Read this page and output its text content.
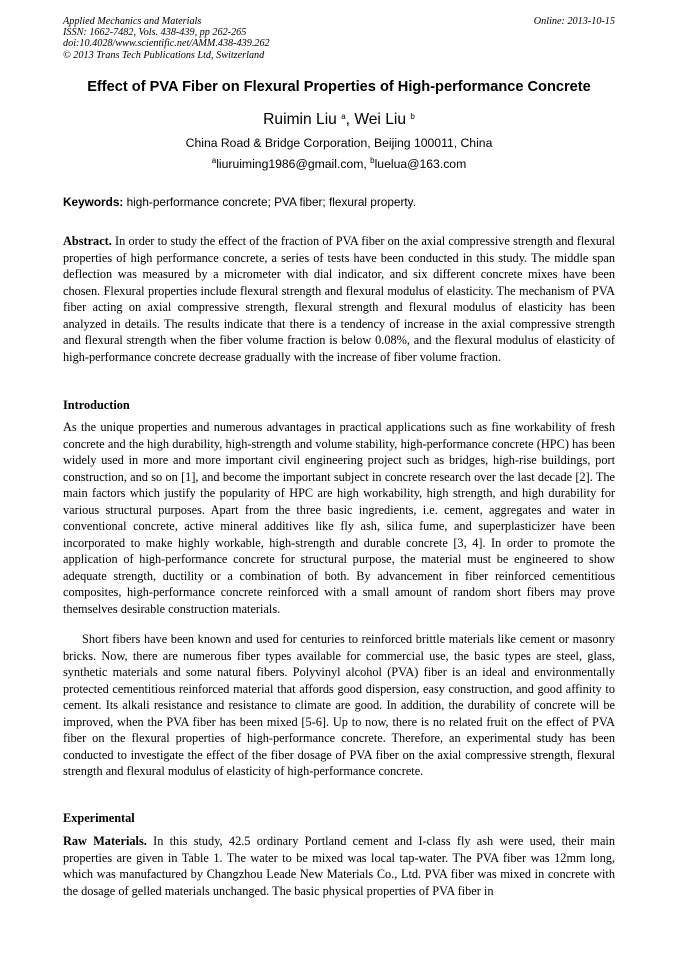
Applied Mechanics and Materials
ISSN: 1662-7482, Vols. 438-439, pp 262-265
doi:10.4028/www.scientific.net/AMM.438-439.262
© 2013 Trans Tech Publications Ltd, Switzerland
Online: 2013-10-15
Effect of PVA Fiber on Flexural Properties of High-performance Concrete
Ruimin Liu $^a$, Wei Liu $^b$
China Road & Bridge Corporation, Beijing 100011, China
$^a$liuruiming1986@gmail.com, $^b$luelua@163.com
Keywords: high-performance concrete; PVA fiber; flexural property.

Abstract. In order to study the effect of the fraction of PVA fiber on the axial compressive strength and flexural properties of high performance concrete, a series of tests have been conducted in this study. The middle span deflection was measured by a micrometer with dial indicator, and six different concrete mixes have been chosen. Flexural properties include flexural strength and flexural modulus of elasticity. The mechanism of PVA fiber acting on axial compressive strength, flexural strength and flexural modulus of elasticity has been analyzed in details. The results indicate that there is a tendency of increase in the axial compressive strength and flexural strength when the fiber volume fraction is below 0.08%, and the flexural modulus of elasticity of high-performance concrete decrease gradually with the increase of fiber volume fraction.

Introduction

As the unique properties and numerous advantages in practical applications such as fine workability of fresh concrete and the high durability, high-strength and volume stability, high-performance concrete (HPC) has been widely used in more and more important civil engineering project such as bridges, high-rise buildings, port construction, and so on [1], and become the important subject in concrete research over the last decade [2]. The main factors which justify the popularity of HPC are high workability, high strength, and high durability for various structural purposes. Apart from the three basic ingredients, i.e. cement, aggregates and water in conventional concrete, active mineral additives like fly ash, silica fume, and superplasticizer have been incorporated to make highly workable, high-strength and durable concrete [3, 4]. In order to promote the application of high-performance concrete for structural purpose, the material must be engineered to show adequate strength, ductility or a combination of both. By advancement in fiber reinforced cementitious composites, high-performance concrete reinforced with a small amount of random short fibers may prove themselves desirable construction materials.

Short fibers have been known and used for centuries to reinforced brittle materials like cement or masonry bricks. Now, there are numerous fiber types available for commercial use, the basic types are steel, glass, synthetic materials and some natural fibers. Polyvinyl alcohol (PVA) fiber is an ideal and environmentally protected cementitious reinforced material that affords good dispersion, easy construction, and good affinity to cement. Its alkali resistance and resistance to climate are good. In addition, the durability of concrete will be improved, when the PVA fiber has been mixed [5-6]. Up to now, there is no related fruit on the effect of PVA fiber on the flexural properties of high-performance concrete. Therefore, an experimental study has been conducted to investigate the effect of the fiber dosage of PVA fiber on the axial compressive strength, flexural strength and flexural modulus of elasticity of high-performance concrete.

Experimental

Raw Materials. In this study, 42.5 ordinary Portland cement and I-class fly ash were used, their main properties are given in Table 1. The water to be mixed was local tap-water. The PVA fiber was 12mm long, which was manufactured by Changzhou Leade New Materials Co., Ltd. PVA fiber was mixed in concrete with the dosage of gelled materials unchanged. The basic physical properties of PVA fiber in
